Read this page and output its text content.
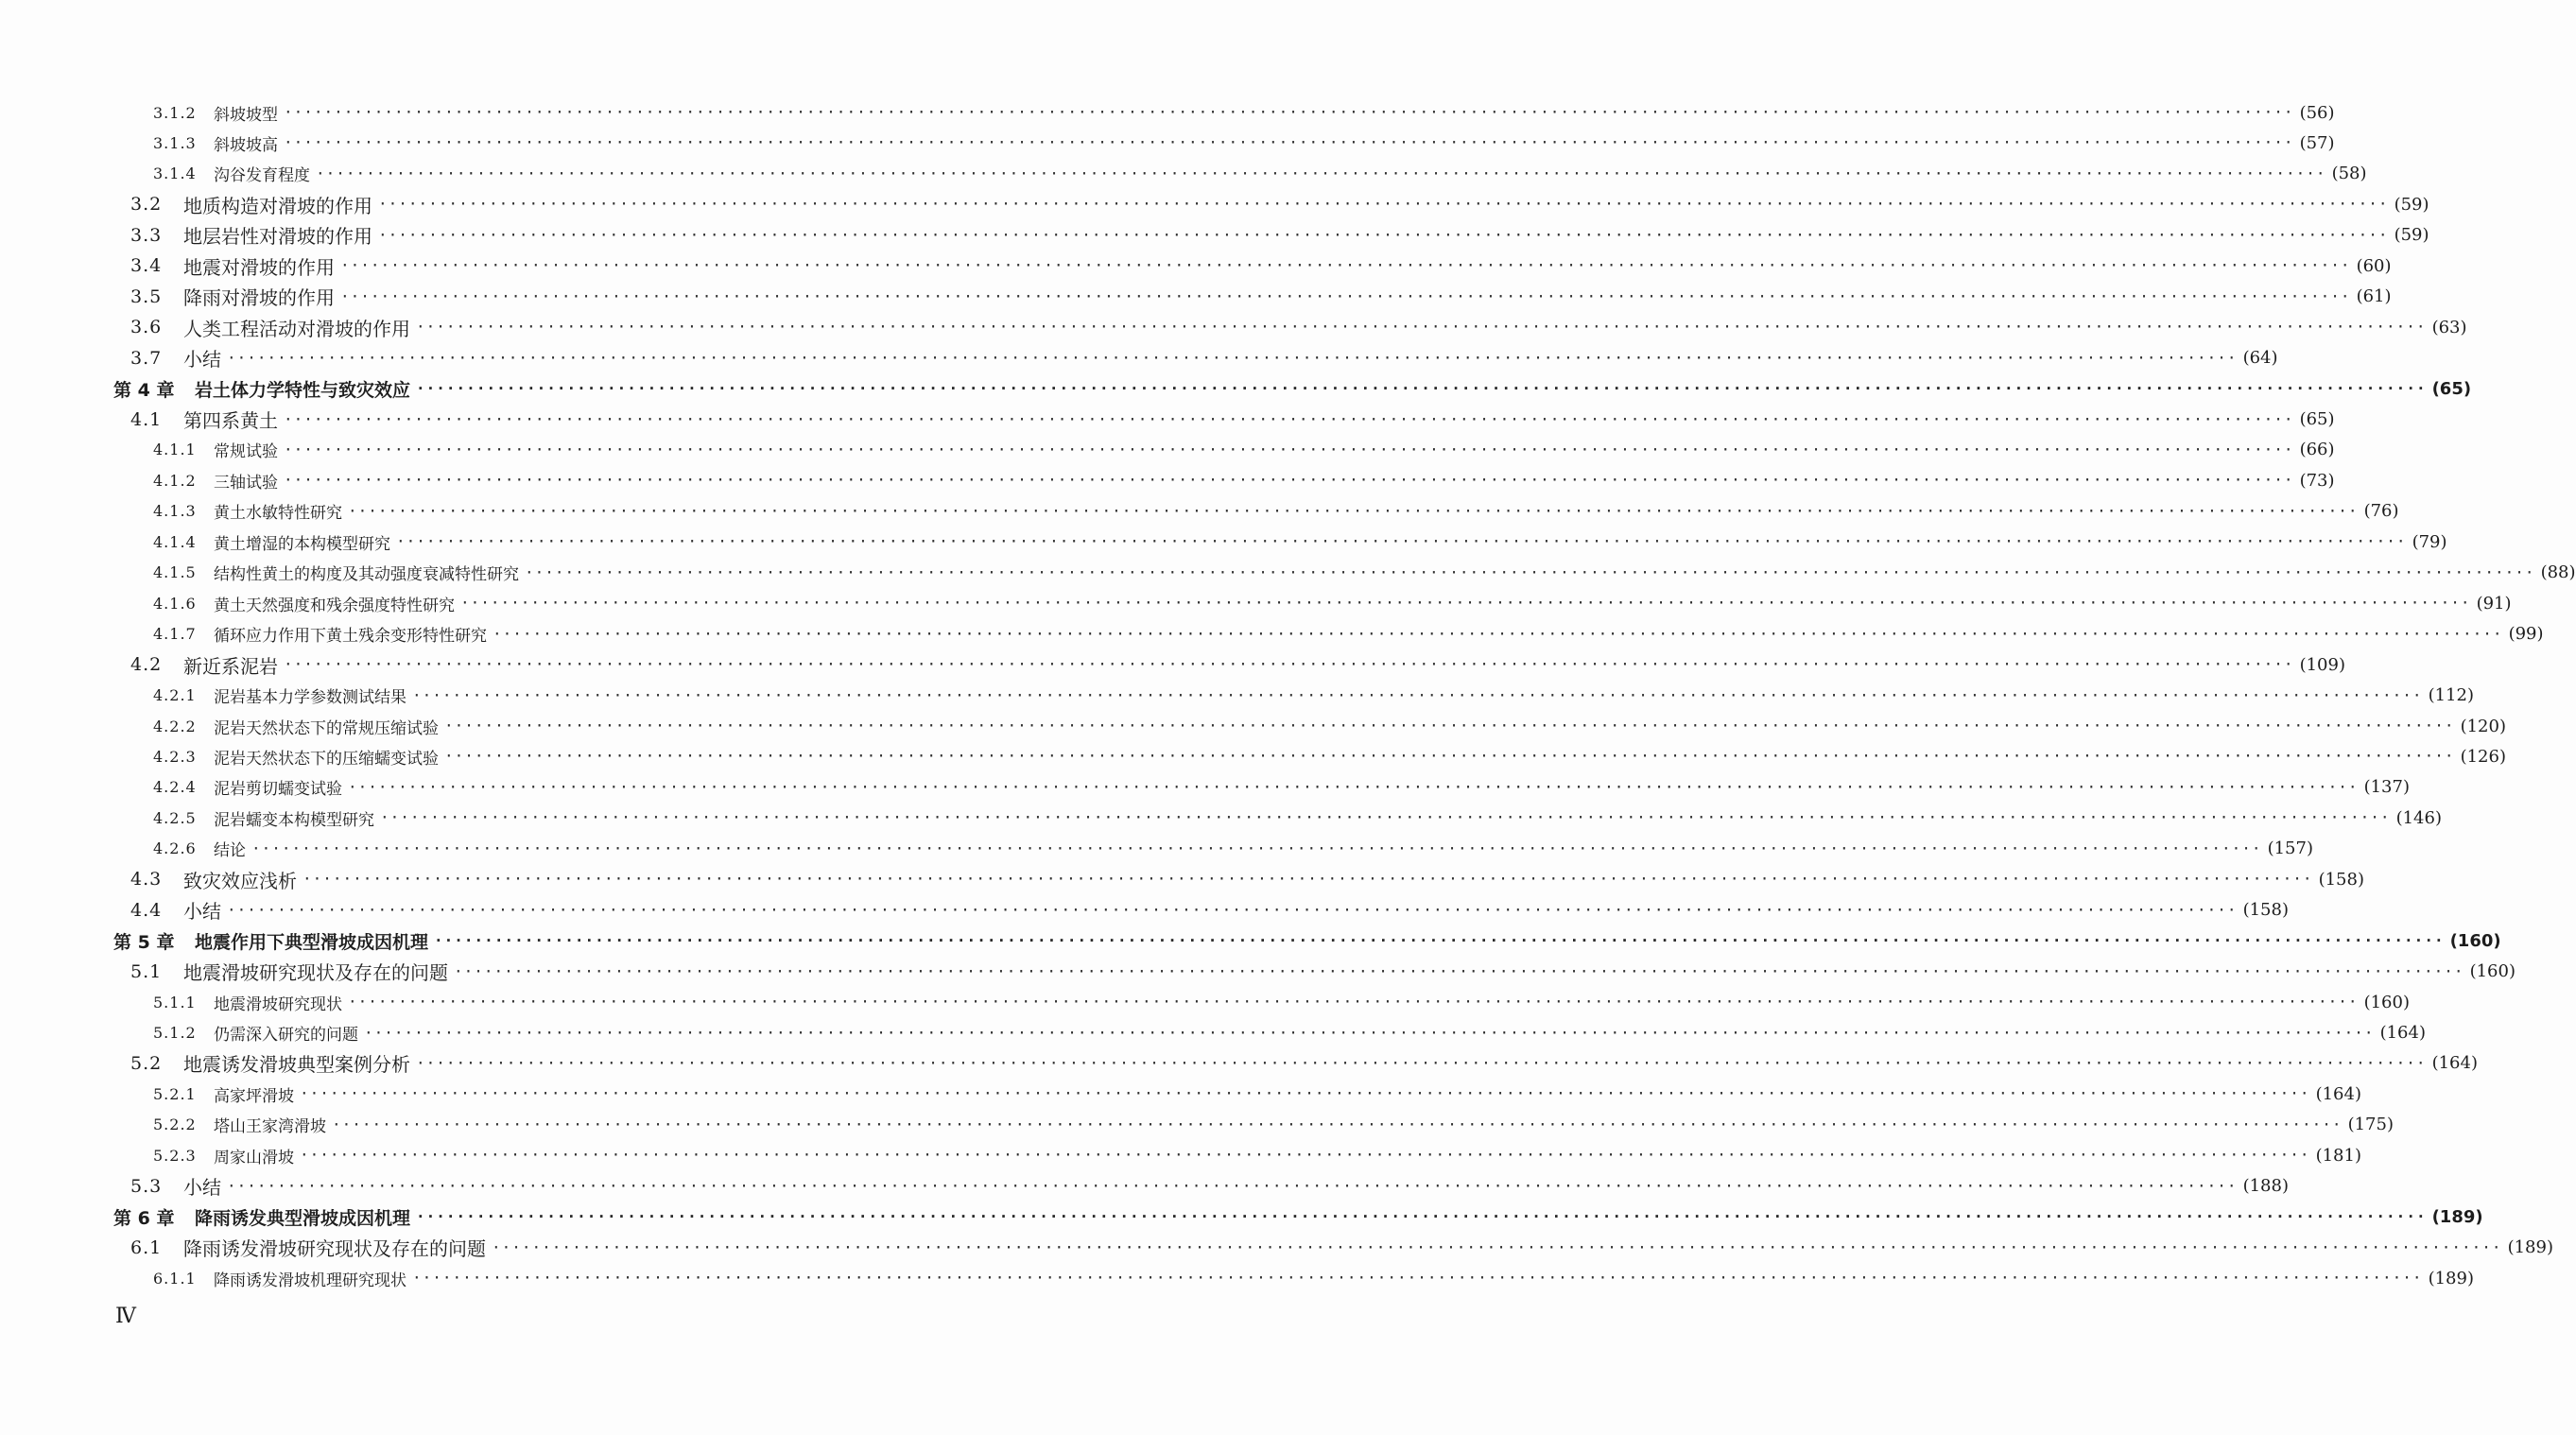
3.1.2	斜坡坡型 ········································································································································································································ (56)
3.1.3	斜坡坡高 ········································································································································································································ (57)
3.1.4	沟谷发育程度 ········································································································································································································ (58)
3.2	地质构造对滑坡的作用 ········································································································································································································ (59)
3.3	地层岩性对滑坡的作用 ········································································································································································································ (59)
3.4	地震对滑坡的作用 ········································································································································································································ (60)
3.5	降雨对滑坡的作用 ········································································································································································································ (61)
3.6	人类工程活动对滑坡的作用 ········································································································································································································ (63)
3.7	小结 ········································································································································································································ (64)
第 4 章	岩土体力学特性与致灾效应 ········································································································································································································ (65)
4.1	第四系黄土 ········································································································································································································ (65)
4.1.1	常规试验 ········································································································································································································ (66)
4.1.2	三轴试验 ········································································································································································································ (73)
4.1.3	黄土水敏特性研究 ········································································································································································································ (76)
4.1.4	黄土增湿的本构模型研究 ········································································································································································································ (79)
4.1.5	结构性黄土的构度及其动强度衰减特性研究 ········································································································································································································ (88)
4.1.6	黄土天然强度和残余强度特性研究 ········································································································································································································ (91)
4.1.7	循环应力作用下黄土残余变形特性研究 ········································································································································································································ (99)
4.2	新近系泥岩 ········································································································································································································ (109)
4.2.1	泥岩基本力学参数测试结果 ········································································································································································································ (112)
4.2.2	泥岩天然状态下的常规压缩试验 ········································································································································································································ (120)
4.2.3	泥岩天然状态下的压缩蠕变试验 ········································································································································································································ (126)
4.2.4	泥岩剪切蠕变试验 ········································································································································································································ (137)
4.2.5	泥岩蠕变本构模型研究 ········································································································································································································ (146)
4.2.6	结论 ········································································································································································································ (157)
4.3	致灾效应浅析 ········································································································································································································ (158)
4.4	小结 ········································································································································································································ (158)
第 5 章	地震作用下典型滑坡成因机理 ········································································································································································································ (160)
5.1	地震滑坡研究现状及存在的问题 ········································································································································································································ (160)
5.1.1	地震滑坡研究现状 ········································································································································································································ (160)
5.1.2	仍需深入研究的问题 ········································································································································································································ (164)
5.2	地震诱发滑坡典型案例分析 ········································································································································································································ (164)
5.2.1	高家坪滑坡 ········································································································································································································ (164)
5.2.2	塔山王家湾滑坡 ········································································································································································································ (175)
5.2.3	周家山滑坡 ········································································································································································································ (181)
5.3	小结 ········································································································································································································ (188)
第 6 章	降雨诱发典型滑坡成因机理 ········································································································································································································ (189)
6.1	降雨诱发滑坡研究现状及存在的问题 ········································································································································································································ (189)
6.1.1	降雨诱发滑坡机理研究现状 ········································································································································································································ (189)
Ⅳ
